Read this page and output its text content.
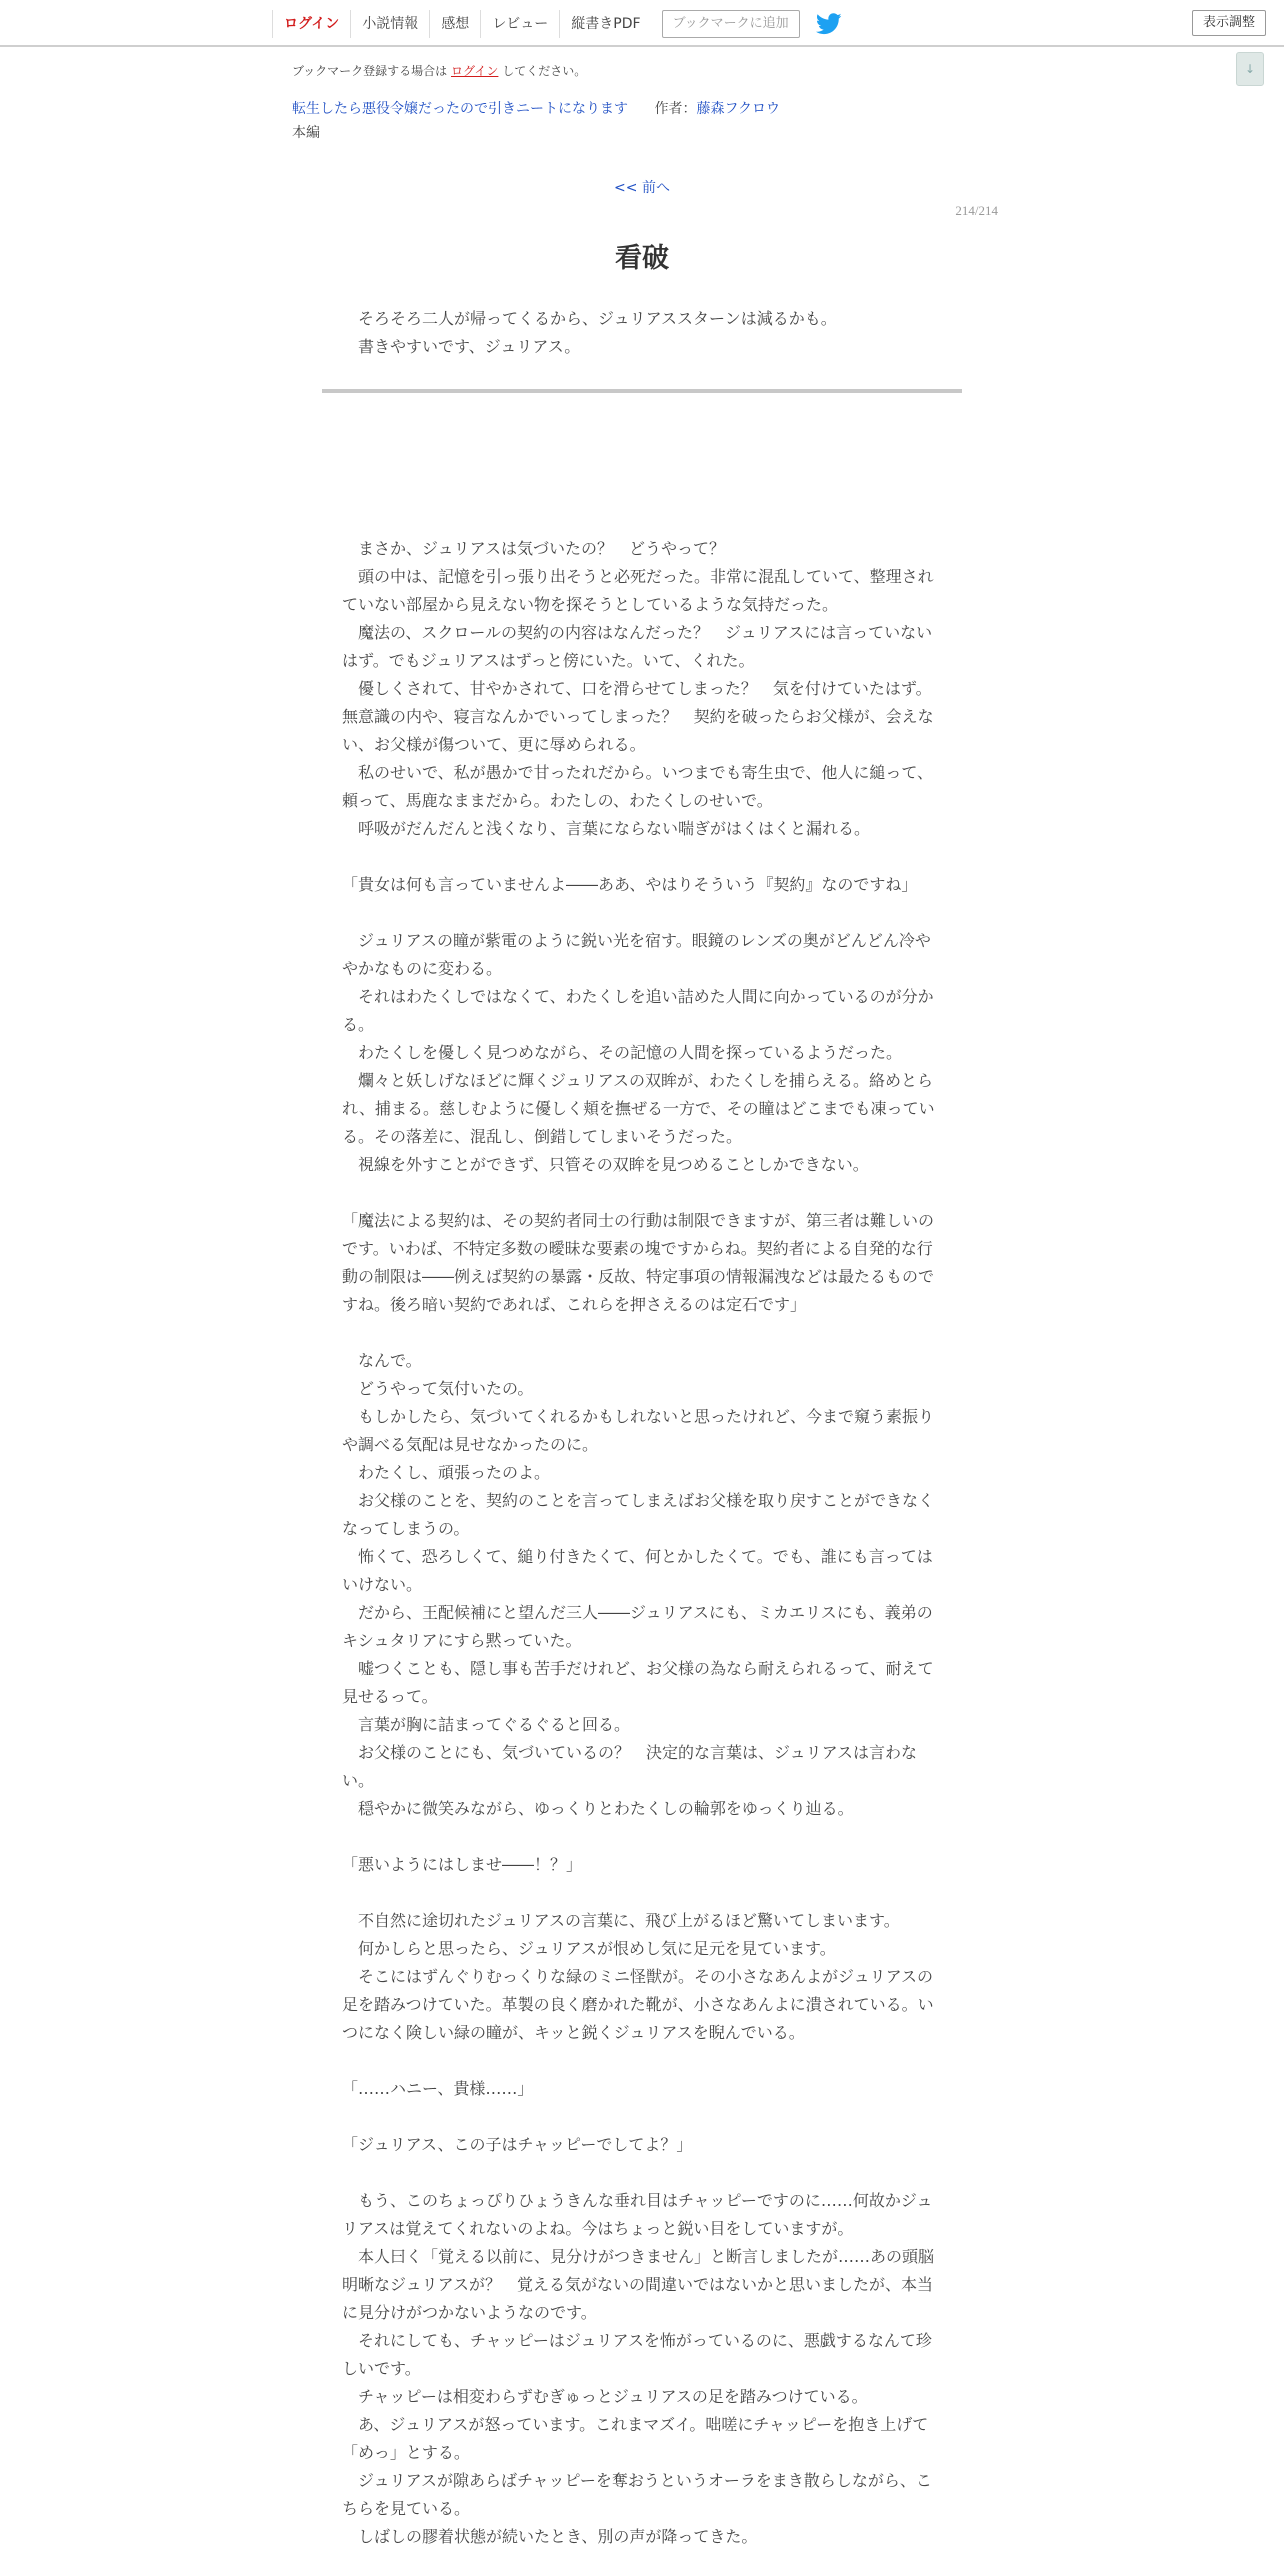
ログイン	小説情報	感想	レビュー	縦書きPDF	ブックマークに追加	表示調整
↓
ブックマーク登録する場合は ログイン してください。
転生したら悪役令嬢だったので引きニートになります 作者：藤森フクロウ
本編
<< 前へ
214/214
看破

そろそろ二人が帰ってくるから、ジュリアススターンは減るかも。

書きやすいです、ジュリアス。

　まさか、ジュリアスは気づいたの？　どうやって？

　頭の中は、記憶を引っ張り出そうと必死だった。非常に混乱していて、整理されていない部屋から見えない物を探そうとしているような気持だった。

　魔法の、スクロールの契約の内容はなんだった？　ジュリアスには言っていないはず。でもジュリアスはずっと傍にいた。いて、くれた。

　優しくされて、甘やかされて、口を滑らせてしまった？　気を付けていたはず。無意識の内や、寝言なんかでいってしまった？　契約を破ったらお父様が、会えない、お父様が傷ついて、更に辱められる。

　私のせいで、私が愚かで甘ったれだから。いつまでも寄生虫で、他人に縋って、頼って、馬鹿なままだから。わたしの、わたくしのせいで。

　呼吸がだんだんと浅くなり、言葉にならない喘ぎがはくはくと漏れる。

「貴女は何も言っていませんよ――ああ、やはりそういう『契約』なのですね」

　ジュリアスの瞳が紫電のように鋭い光を宿す。眼鏡のレンズの奥がどんどん冷ややかなものに変わる。

　それはわたくしではなくて、わたくしを追い詰めた人間に向かっているのが分かる。

　わたくしを優しく見つめながら、その記憶の人間を探っているようだった。

　爛々と妖しげなほどに輝くジュリアスの双眸が、わたくしを捕らえる。絡めとられ、捕まる。慈しむように優しく頬を撫ぜる一方で、その瞳はどこまでも凍っている。その落差に、混乱し、倒錯してしまいそうだった。

　視線を外すことができず、只管その双眸を見つめることしかできない。

「魔法による契約は、その契約者同士の行動は制限できますが、第三者は難しいのです。いわば、不特定多数の曖昧な要素の塊ですからね。契約者による自発的な行動の制限は――例えば契約の暴露・反故、特定事項の情報漏洩などは最たるものですね。後ろ暗い契約であれば、これらを押さえるのは定石です」

　なんで。

　どうやって気付いたの。

　もしかしたら、気づいてくれるかもしれないと思ったけれど、今まで窺う素振りや調べる気配は見せなかったのに。

　わたくし、頑張ったのよ。

　お父様のことを、契約のことを言ってしまえばお父様を取り戻すことができなくなってしまうの。

　怖くて、恐ろしくて、縋り付きたくて、何とかしたくて。でも、誰にも言ってはいけない。

　だから、王配候補にと望んだ三人――ジュリアスにも、ミカエリスにも、義弟のキシュタリアにすら黙っていた。

　嘘つくことも、隠し事も苦手だけれど、お父様の為なら耐えられるって、耐えて見せるって。

　言葉が胸に詰まってぐるぐると回る。

　お父様のことにも、気づいているの？　決定的な言葉は、ジュリアスは言わない。

　穏やかに微笑みながら、ゆっくりとわたくしの輪郭をゆっくり辿る。

「悪いようにはしませ――！？」

　不自然に途切れたジュリアスの言葉に、飛び上がるほど驚いてしまいます。

　何かしらと思ったら、ジュリアスが恨めし気に足元を見ています。

　そこにはずんぐりむっくりな緑のミニ怪獣が。その小さなあんよがジュリアスの足を踏みつけていた。革製の良く磨かれた靴が、小さなあんよに潰されている。いつになく険しい緑の瞳が、キッと鋭くジュリアスを睨んでいる。

「……ハニー、貴様……」

「ジュリアス、この子はチャッピーでしてよ？」

　もう、このちょっぴりひょうきんな垂れ目はチャッピーですのに……何故かジュリアスは覚えてくれないのよね。今はちょっと鋭い目をしていますが。

　本人曰く「覚える以前に、見分けがつきません」と断言しましたが……あの頭脳明晰なジュリアスが？　覚える気がないの間違いではないかと思いましたが、本当に見分けがつかないようなのです。

　それにしても、チャッピーはジュリアスを怖がっているのに、悪戯するなんて珍しいです。

　チャッピーは相変わらずむぎゅっとジュリアスの足を踏みつけている。

　あ、ジュリアスが怒っています。これまマズイ。咄嗟にチャッピーを抱き上げて「めっ」とする。

　ジュリアスが隙あらばチャッピーを奪おうというオーラをまき散らしながら、こちらを見ている。

　しばしの膠着状態が続いたとき、別の声が降ってきた。
